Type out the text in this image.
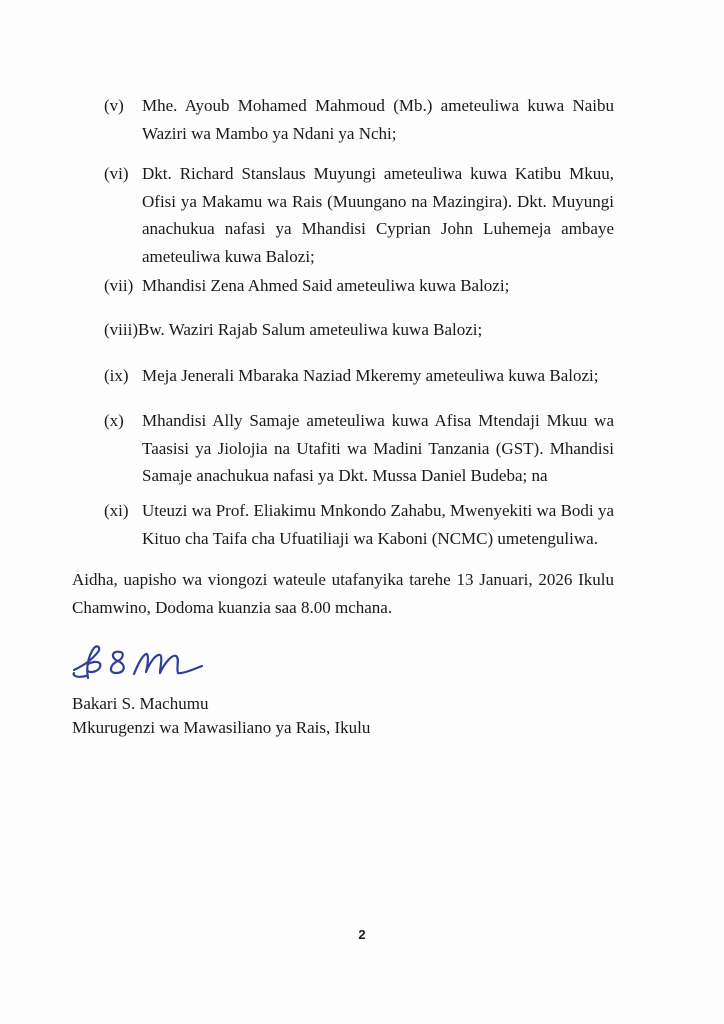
(v) Mhe. Ayoub Mohamed Mahmoud (Mb.) ameteuliwa kuwa Naibu Waziri wa Mambo ya Ndani ya Nchi;
(vi) Dkt. Richard Stanslaus Muyungi ameteuliwa kuwa Katibu Mkuu, Ofisi ya Makamu wa Rais (Muungano na Mazingira). Dkt. Muyungi anachukua nafasi ya Mhandisi Cyprian John Luhemeja ambaye ameteuliwa kuwa Balozi;
(vii) Mhandisi Zena Ahmed Said ameteuliwa kuwa Balozi;
(viii) Bw. Waziri Rajab Salum ameteuliwa kuwa Balozi;
(ix) Meja Jenerali Mbaraka Naziad Mkeremy ameteuliwa kuwa Balozi;
(x) Mhandisi Ally Samaje ameteuliwa kuwa Afisa Mtendaji Mkuu wa Taasisi ya Jiolojia na Utafiti wa Madini Tanzania (GST). Mhandisi Samaje anachukua nafasi ya Dkt. Mussa Daniel Budeba; na
(xi) Uteuzi wa Prof. Eliakimu Mnkondo Zahabu, Mwenyekiti wa Bodi ya Kituo cha Taifa cha Ufuatiliaji wa Kaboni (NCMC) umetenguliwa.
Aidha, uapisho wa viongozi wateule utafanyika tarehe 13 Januari, 2026 Ikulu Chamwino, Dodoma kuanzia saa 8.00 mchana.
Bakari S. Machumu
Mkurugenzi wa Mawasiliano ya Rais, Ikulu
2
